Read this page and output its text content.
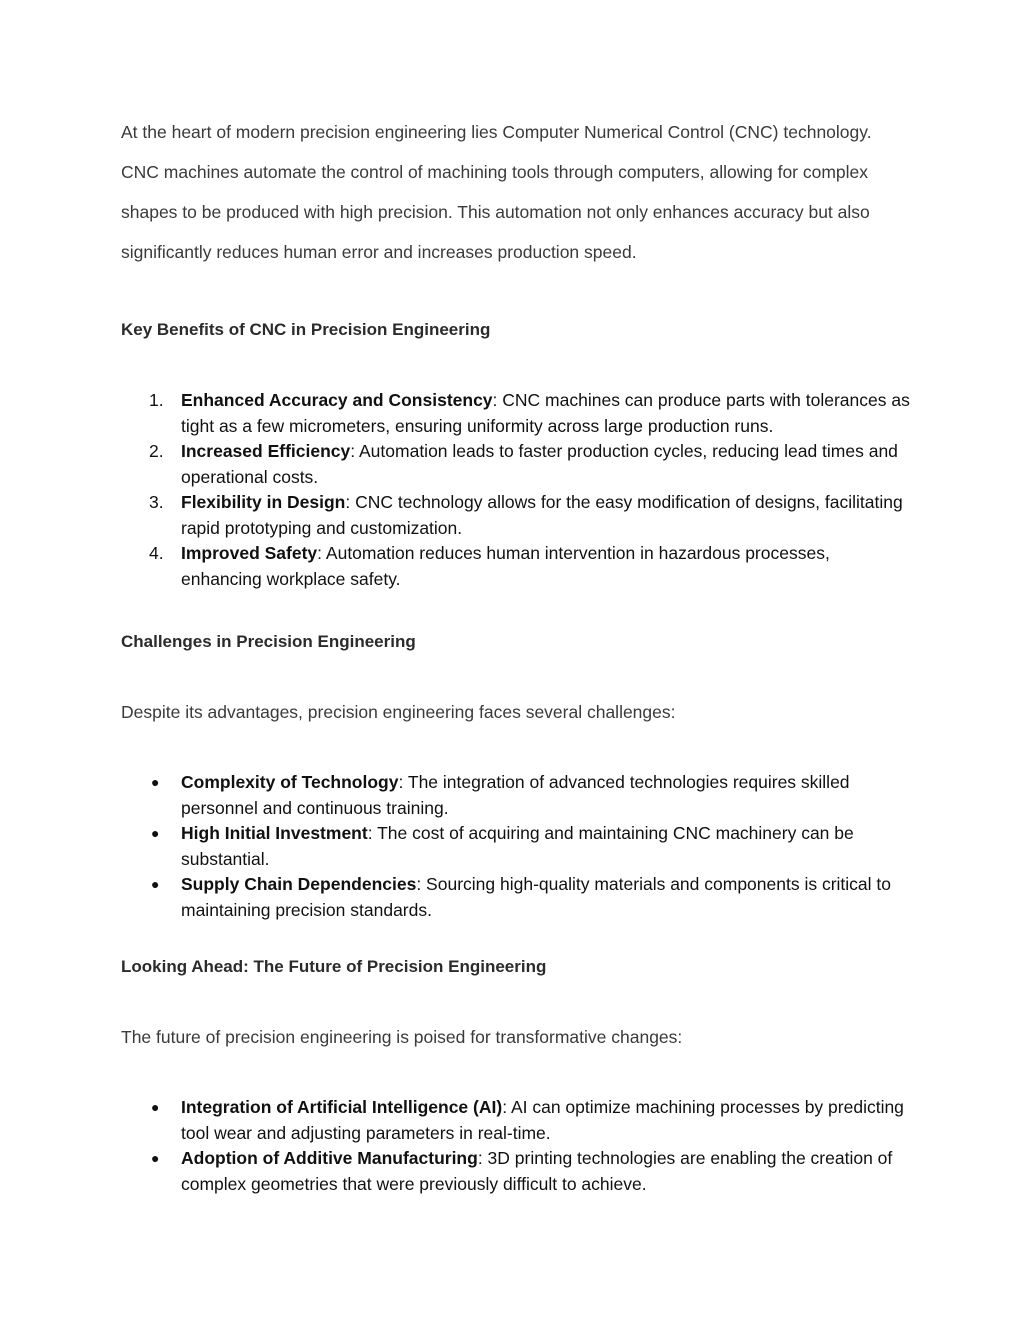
At the heart of modern precision engineering lies Computer Numerical Control (CNC) technology. CNC machines automate the control of machining tools through computers, allowing for complex shapes to be produced with high precision. This automation not only enhances accuracy but also significantly reduces human error and increases production speed.

Key Benefits of CNC in Precision Engineering
1. Enhanced Accuracy and Consistency: CNC machines can produce parts with tolerances as tight as a few micrometers, ensuring uniformity across large production runs.
2. Increased Efficiency: Automation leads to faster production cycles, reducing lead times and operational costs.
3. Flexibility in Design: CNC technology allows for the easy modification of designs, facilitating rapid prototyping and customization.
4. Improved Safety: Automation reduces human intervention in hazardous processes, enhancing workplace safety.
Challenges in Precision Engineering

Despite its advantages, precision engineering faces several challenges:

●	Complexity of Technology: The integration of advanced technologies requires skilled personnel and continuous training.
●	High Initial Investment: The cost of acquiring and maintaining CNC machinery can be substantial.
●	Supply Chain Dependencies: Sourcing high-quality materials and components is critical to maintaining precision standards.
Looking Ahead: The Future of Precision Engineering

The future of precision engineering is poised for transformative changes:

●	Integration of Artificial Intelligence (AI): AI can optimize machining processes by predicting tool wear and adjusting parameters in real-time.
●	Adoption of Additive Manufacturing: 3D printing technologies are enabling the creation of complex geometries that were previously difficult to achieve.
